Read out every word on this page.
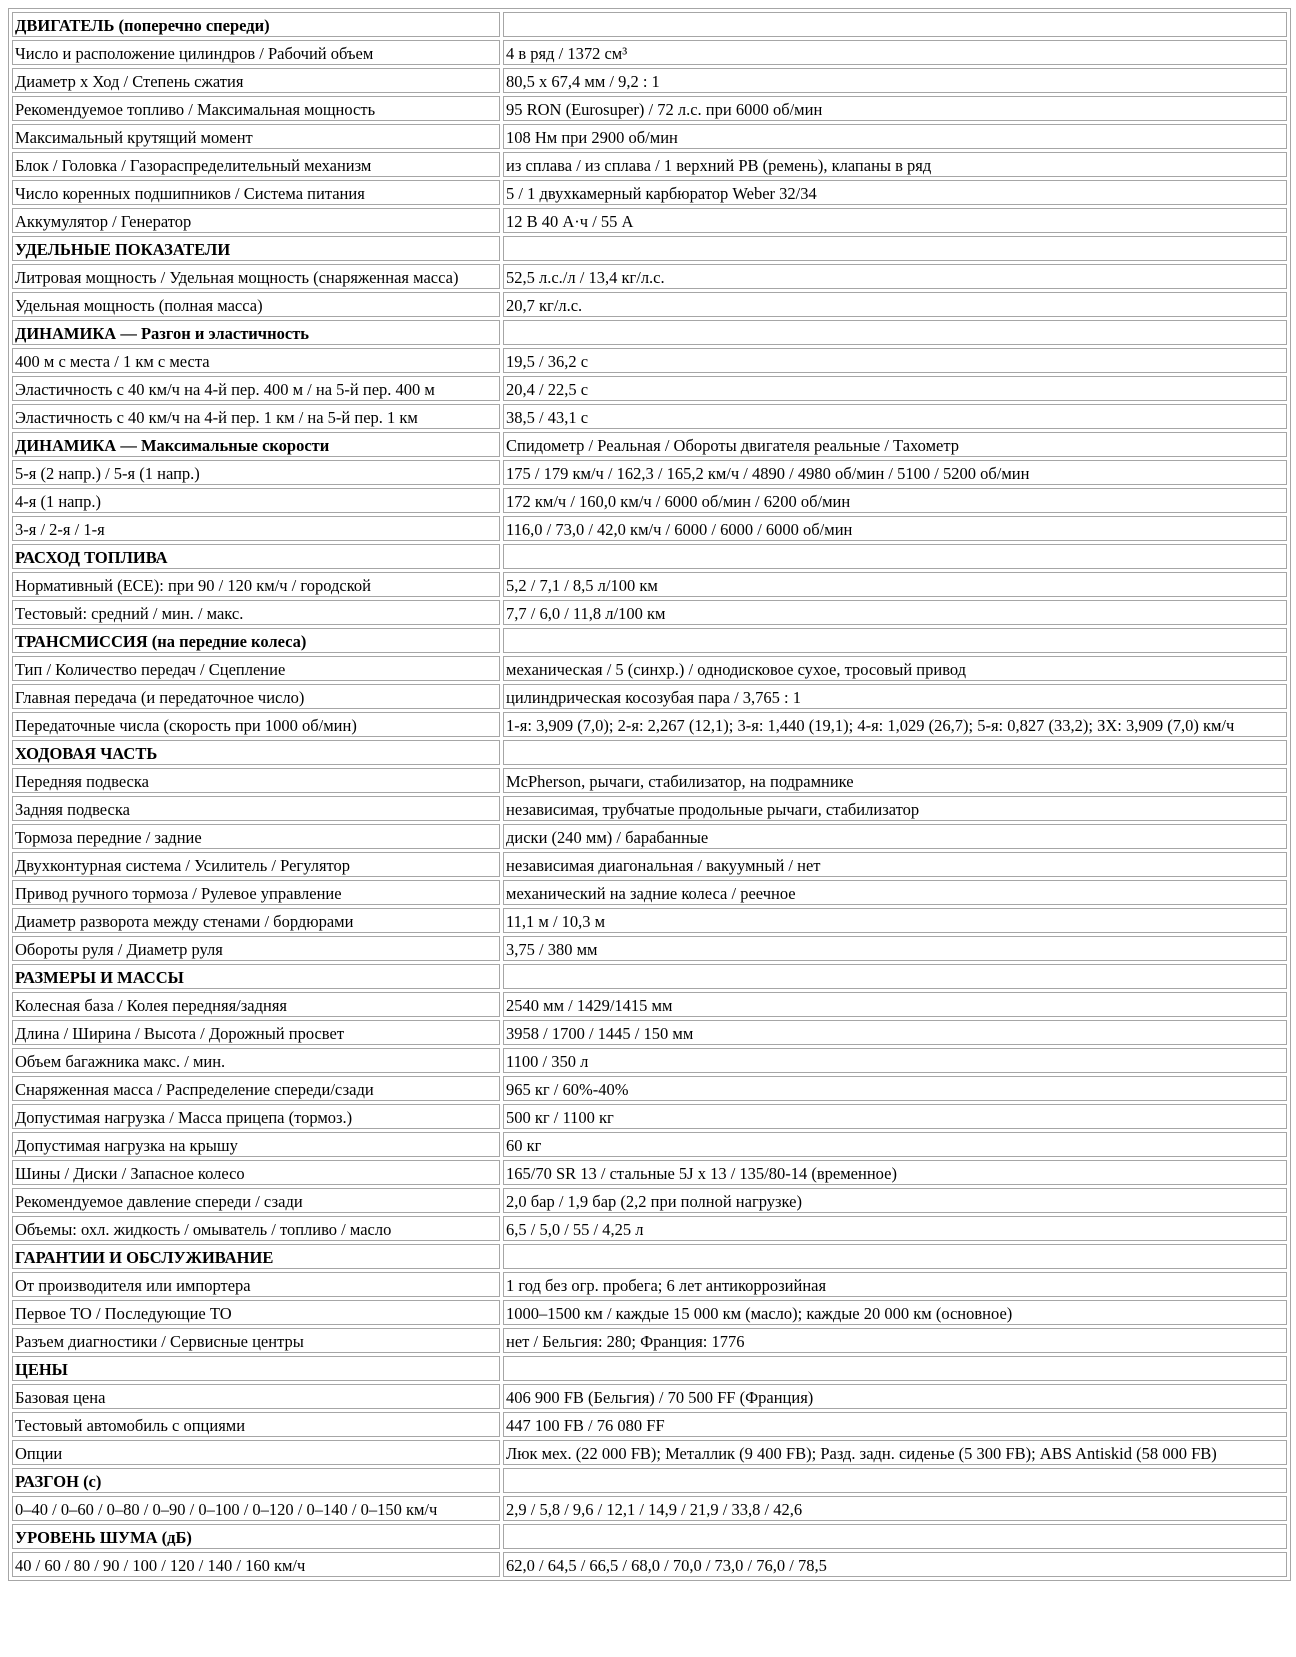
ДВИГАТЕЛЬ (поперечно спереди)	
Число и расположение цилиндров / Рабочий объем	4 в ряд / 1372 см³
Диаметр x Ход / Степень сжатия	80,5 x 67,4 мм / 9,2 : 1
Рекомендуемое топливо / Максимальная мощность	95 RON (Eurosuper) / 72 л.с. при 6000 об/мин
Максимальный крутящий момент	108 Нм при 2900 об/мин
Блок / Головка / Газораспределительный механизм	из сплава / из сплава / 1 верхний РВ (ремень), клапаны в ряд
Число коренных подшипников / Система питания	5 / 1 двухкамерный карбюратор Weber 32/34
Аккумулятор / Генератор	12 В 40 А·ч / 55 А
УДЕЛЬНЫЕ ПОКАЗАТЕЛИ	
Литровая мощность / Удельная мощность (снаряженная масса)	52,5 л.с./л / 13,4 кг/л.с.
Удельная мощность (полная масса)	20,7 кг/л.с.
ДИНАМИКА — Разгон и эластичность	
400 м с места / 1 км с места	19,5 / 36,2 с
Эластичность с 40 км/ч на 4-й пер. 400 м / на 5-й пер. 400 м	20,4 / 22,5 с
Эластичность с 40 км/ч на 4-й пер. 1 км / на 5-й пер. 1 км	38,5 / 43,1 с
ДИНАМИКА — Максимальные скорости	Спидометр / Реальная / Обороты двигателя реальные / Тахометр
5-я (2 напр.) / 5-я (1 напр.)	175 / 179 км/ч / 162,3 / 165,2 км/ч / 4890 / 4980 об/мин / 5100 / 5200 об/мин
4-я (1 напр.)	172 км/ч / 160,0 км/ч / 6000 об/мин / 6200 об/мин
3-я / 2-я / 1-я	116,0 / 73,0 / 42,0 км/ч / 6000 / 6000 / 6000 об/мин
РАСХОД ТОПЛИВА	
Нормативный (ECE): при 90 / 120 км/ч / городской	5,2 / 7,1 / 8,5 л/100 км
Тестовый: средний / мин. / макс.	7,7 / 6,0 / 11,8 л/100 км
ТРАНСМИССИЯ (на передние колеса)	
Тип / Количество передач / Сцепление	механическая / 5 (синхр.) / однодисковое сухое, тросовый привод
Главная передача (и передаточное число)	цилиндрическая косозубая пара / 3,765 : 1
Передаточные числа (скорость при 1000 об/мин)	1-я: 3,909 (7,0); 2-я: 2,267 (12,1); 3-я: 1,440 (19,1); 4-я: 1,029 (26,7); 5-я: 0,827 (33,2); ЗХ: 3,909 (7,0) км/ч
ХОДОВАЯ ЧАСТЬ	
Передняя подвеска	McPherson, рычаги, стабилизатор, на подрамнике
Задняя подвеска	независимая, трубчатые продольные рычаги, стабилизатор
Тормоза передние / задние	диски (240 мм) / барабанные
Двухконтурная система / Усилитель / Регулятор	независимая диагональная / вакуумный / нет
Привод ручного тормоза / Рулевое управление	механический на задние колеса / реечное
Диаметр разворота между стенами / бордюрами	11,1 м / 10,3 м
Обороты руля / Диаметр руля	3,75 / 380 мм
РАЗМЕРЫ И МАССЫ	
Колесная база / Колея передняя/задняя	2540 мм / 1429/1415 мм
Длина / Ширина / Высота / Дорожный просвет	3958 / 1700 / 1445 / 150 мм
Объем багажника макс. / мин.	1100 / 350 л
Снаряженная масса / Распределение спереди/сзади	965 кг / 60%-40%
Допустимая нагрузка / Масса прицепа (тормоз.)	500 кг / 1100 кг
Допустимая нагрузка на крышу	60 кг
Шины / Диски / Запасное колесо	165/70 SR 13 / стальные 5J x 13 / 135/80-14 (временное)
Рекомендуемое давление спереди / сзади	2,0 бар / 1,9 бар (2,2 при полной нагрузке)
Объемы: охл. жидкость / омыватель / топливо / масло	6,5 / 5,0 / 55 / 4,25 л
ГАРАНТИИ И ОБСЛУЖИВАНИЕ	
От производителя или импортера	1 год без огр. пробега; 6 лет антикоррозийная
Первое ТО / Последующие ТО	1000–1500 км / каждые 15 000 км (масло); каждые 20 000 км (основное)
Разъем диагностики / Сервисные центры	нет / Бельгия: 280; Франция: 1776
ЦЕНЫ	
Базовая цена	406 900 FB (Бельгия) / 70 500 FF (Франция)
Тестовый автомобиль с опциями	447 100 FB / 76 080 FF
Опции	Люк мех. (22 000 FB); Металлик (9 400 FB); Разд. задн. сиденье (5 300 FB); ABS Antiskid (58 000 FB)
РАЗГОН (с)	
0–40 / 0–60 / 0–80 / 0–90 / 0–100 / 0–120 / 0–140 / 0–150 км/ч	2,9 / 5,8 / 9,6 / 12,1 / 14,9 / 21,9 / 33,8 / 42,6
УРОВЕНЬ ШУМА (дБ)	
40 / 60 / 80 / 90 / 100 / 120 / 140 / 160 км/ч	62,0 / 64,5 / 66,5 / 68,0 / 70,0 / 73,0 / 76,0 / 78,5
